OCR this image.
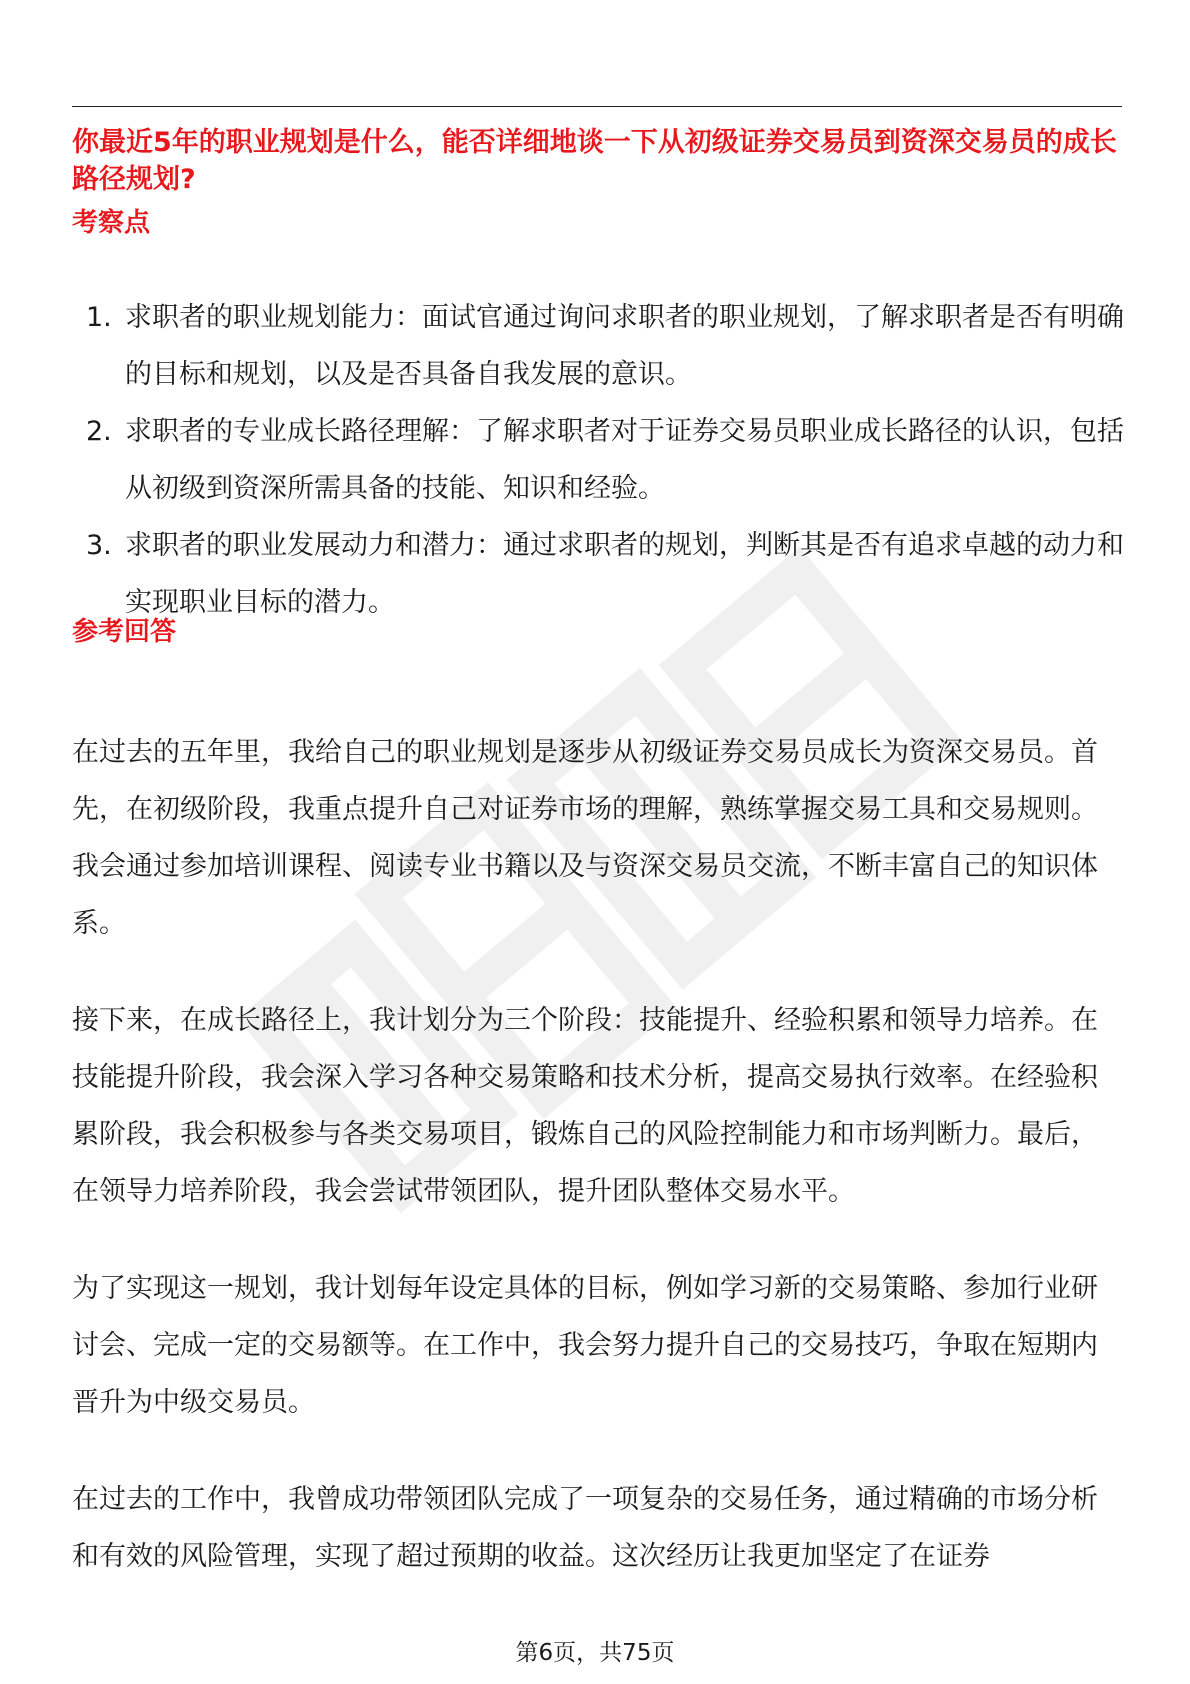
你最近5年的职业规划是什么，能否详细地谈一下从初级证券交易员到资深交易员的成长路径规划?
考察点
1. 求职者的职业规划能力：面试官通过询问求职者的职业规划，了解求职者是否有明确的目标和规划，以及是否具备自我发展的意识。
2. 求职者的专业成长路径理解：了解求职者对于证券交易员职业成长路径的认识，包括从初级到资深所需具备的技能、知识和经验。
3. 求职者的职业发展动力和潜力：通过求职者的规划，判断其是否有追求卓越的动力和实现职业目标的潜力。
参考回答

在过去的五年里，我给自己的职业规划是逐步从初级证券交易员成长为资深交易员。首先，在初级阶段，我重点提升自己对证券市场的理解，熟练掌握交易工具和交易规则。我会通过参加培训课程、阅读专业书籍以及与资深交易员交流，不断丰富自己的知识体系。

接下来，在成长路径上，我计划分为三个阶段：技能提升、经验积累和领导力培养。在技能提升阶段，我会深入学习各种交易策略和技术分析，提高交易执行效率。在经验积累阶段，我会积极参与各类交易项目，锻炼自己的风险控制能力和市场判断力。最后，在领导力培养阶段，我会尝试带领团队，提升团队整体交易水平。

为了实现这一规划，我计划每年设定具体的目标，例如学习新的交易策略、参加行业研讨会、完成一定的交易额等。在工作中，我会努力提升自己的交易技巧，争取在短期内晋升为中级交易员。

在过去的工作中，我曾成功带领团队完成了一项复杂的交易任务，通过精确的市场分析和有效的风险管理，实现了超过预期的收益。这次经历让我更加坚定了在证券

第6页，共75页
